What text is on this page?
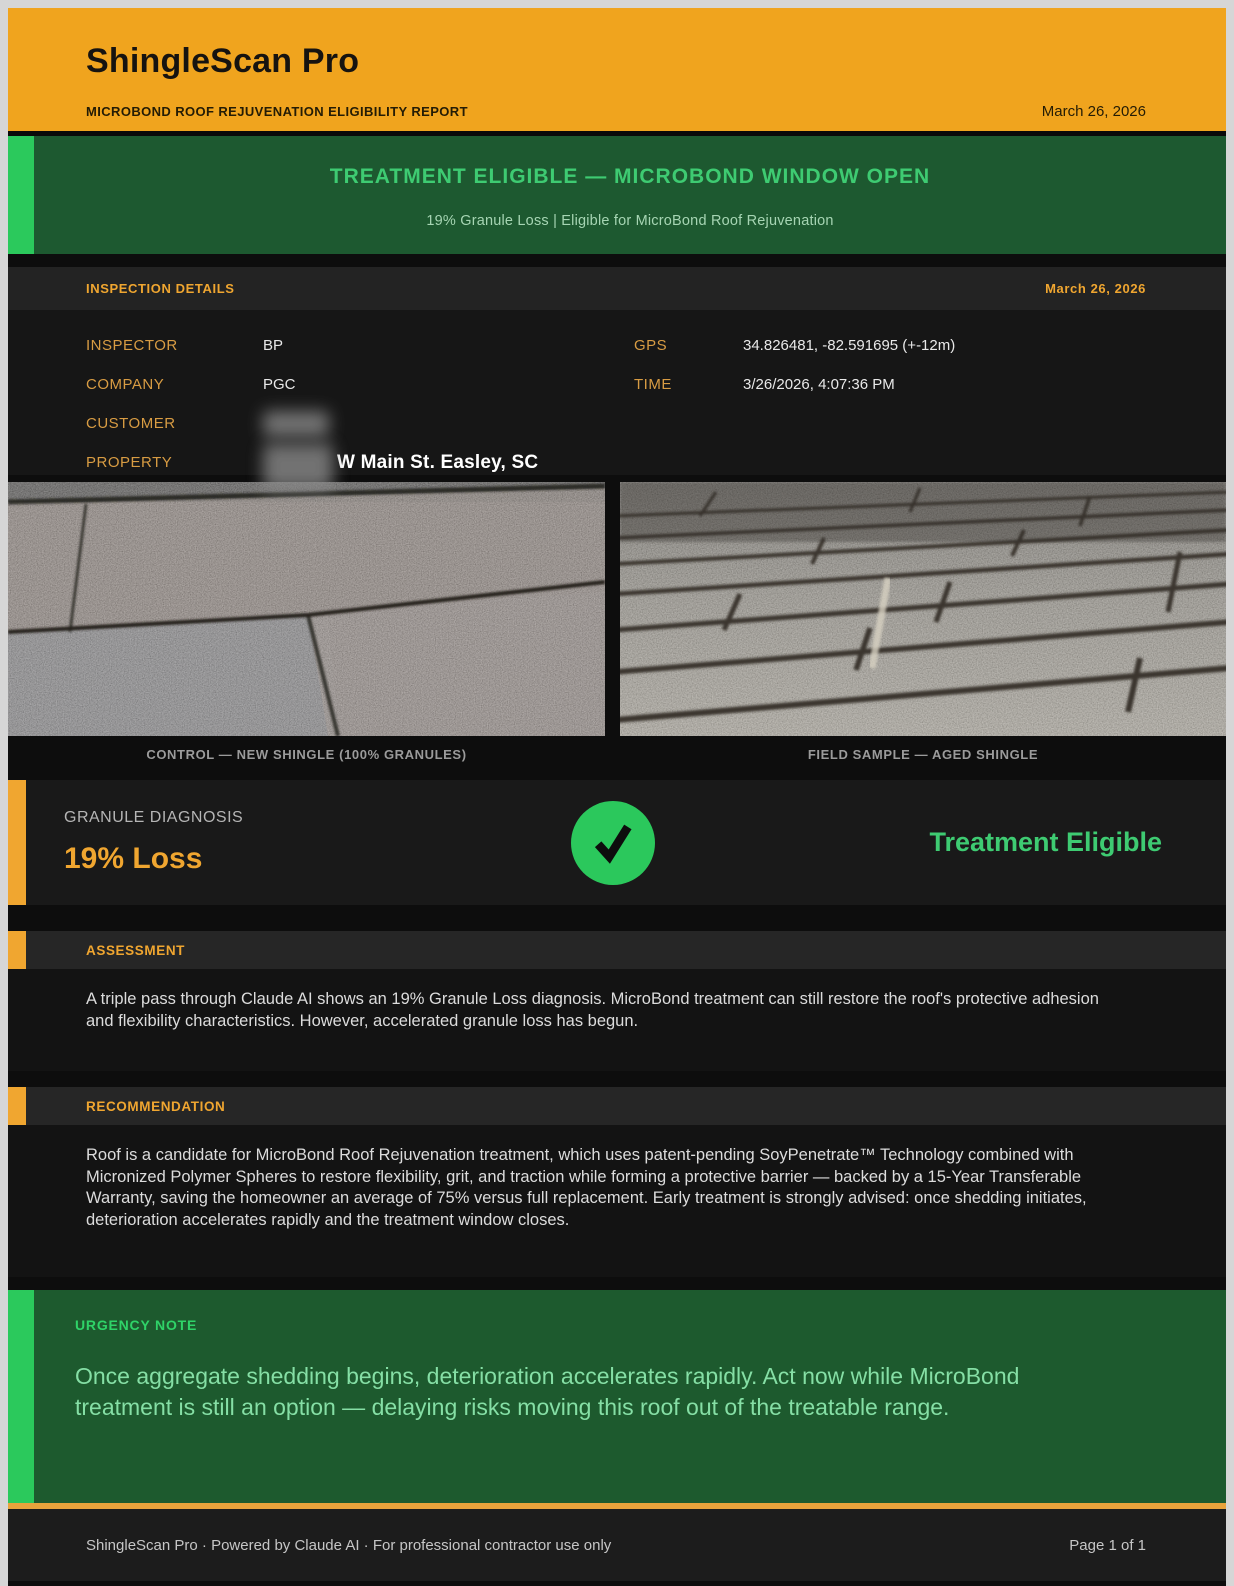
ShingleScan Pro
MICROBOND ROOF REJUVENATION ELIGIBILITY REPORT	March 26, 2026
TREATMENT ELIGIBLE — MICROBOND WINDOW OPEN
19% Granule Loss | Eligible for MicroBond Roof Rejuvenation
INSPECTION DETAILS	March 26, 2026
INSPECTOR	BP
COMPANY	PGC
CUSTOMER
PROPERTY	W Main St. Easley, SC
GPS	34.826481, -82.591695 (+-12m)
TIME	3/26/2026, 4:07:36 PM
CONTROL — NEW SHINGLE (100% GRANULES)	FIELD SAMPLE — AGED SHINGLE
GRANULE DIAGNOSIS
19% Loss	Treatment Eligible
ASSESSMENT
A triple pass through Claude AI shows an 19% Granule Loss diagnosis. MicroBond treatment can still restore the roof's protective adhesion and flexibility characteristics. However, accelerated granule loss has begun.
RECOMMENDATION
Roof is a candidate for MicroBond Roof Rejuvenation treatment, which uses patent-pending SoyPenetrate™ Technology combined with Micronized Polymer Spheres to restore flexibility, grit, and traction while forming a protective barrier — backed by a 15-Year Transferable Warranty, saving the homeowner an average of 75% versus full replacement. Early treatment is strongly advised: once shedding initiates, deterioration accelerates rapidly and the treatment window closes.
URGENCY NOTE
Once aggregate shedding begins, deterioration accelerates rapidly. Act now while MicroBond treatment is still an option — delaying risks moving this roof out of the treatable range.
ShingleScan Pro · Powered by Claude AI · For professional contractor use only	Page 1 of 1
